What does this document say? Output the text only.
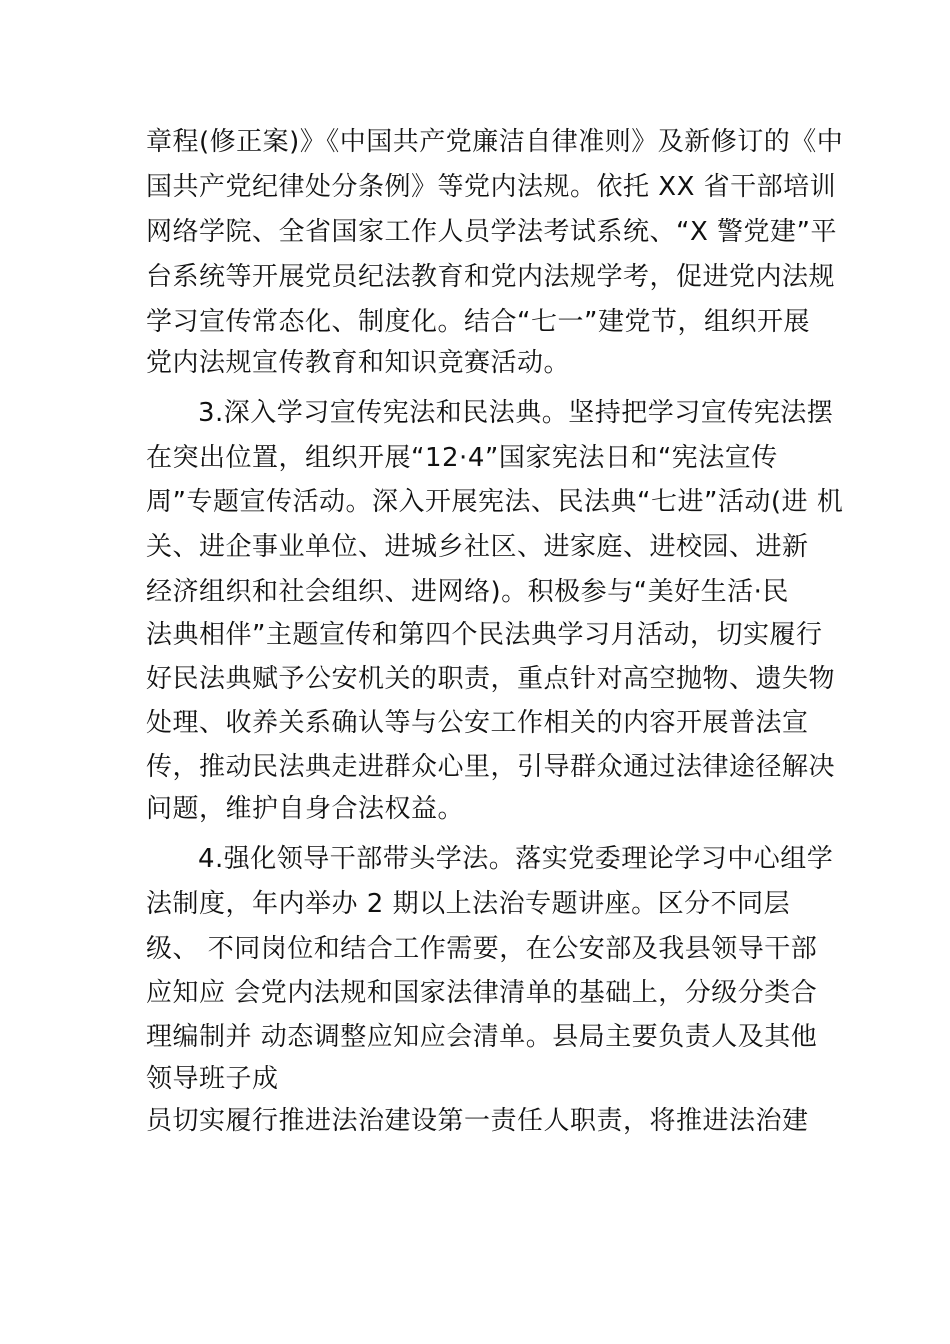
章程(修正案)》《中国共产党廉洁自律准则》及新修订的《中
国共产党纪律处分条例》等党内法规。依托 XX 省干部培训
网络学院、全省国家工作人员学法考试系统、“X 警党建”平
台系统等开展党员纪法教育和党内法规学考，促进党内法规
学习宣传常态化、制度化。结合“七一”建党节，组织开展
党内法规宣传教育和知识竞赛活动。
3.深入学习宣传宪法和民法典。坚持把学习宣传宪法摆
在突出位置，组织开展“12·4”国家宪法日和“宪法宣传
周”专题宣传活动。深入开展宪法、民法典“七进”活动(进 机
关、进企事业单位、进城乡社区、进家庭、进校园、进新
经济组织和社会组织、进网络)。积极参与“美好生活·民
法典相伴”主题宣传和第四个民法典学习月活动，切实履行
好民法典赋予公安机关的职责，重点针对高空抛物、遗失物
处理、收养关系确认等与公安工作相关的内容开展普法宣
传，推动民法典走进群众心里，引导群众通过法律途径解决
问题，维护自身合法权益。
4.强化领导干部带头学法。落实党委理论学习中心组学
法制度，年内举办 2 期以上法治专题讲座。区分不同层
级、 不同岗位和结合工作需要，在公安部及我县领导干部
应知应 会党内法规和国家法律清单的基础上，分级分类合
理编制并 动态调整应知应会清单。县局主要负责人及其他
领导班子成
员切实履行推进法治建设第一责任人职责，将推进法治建
